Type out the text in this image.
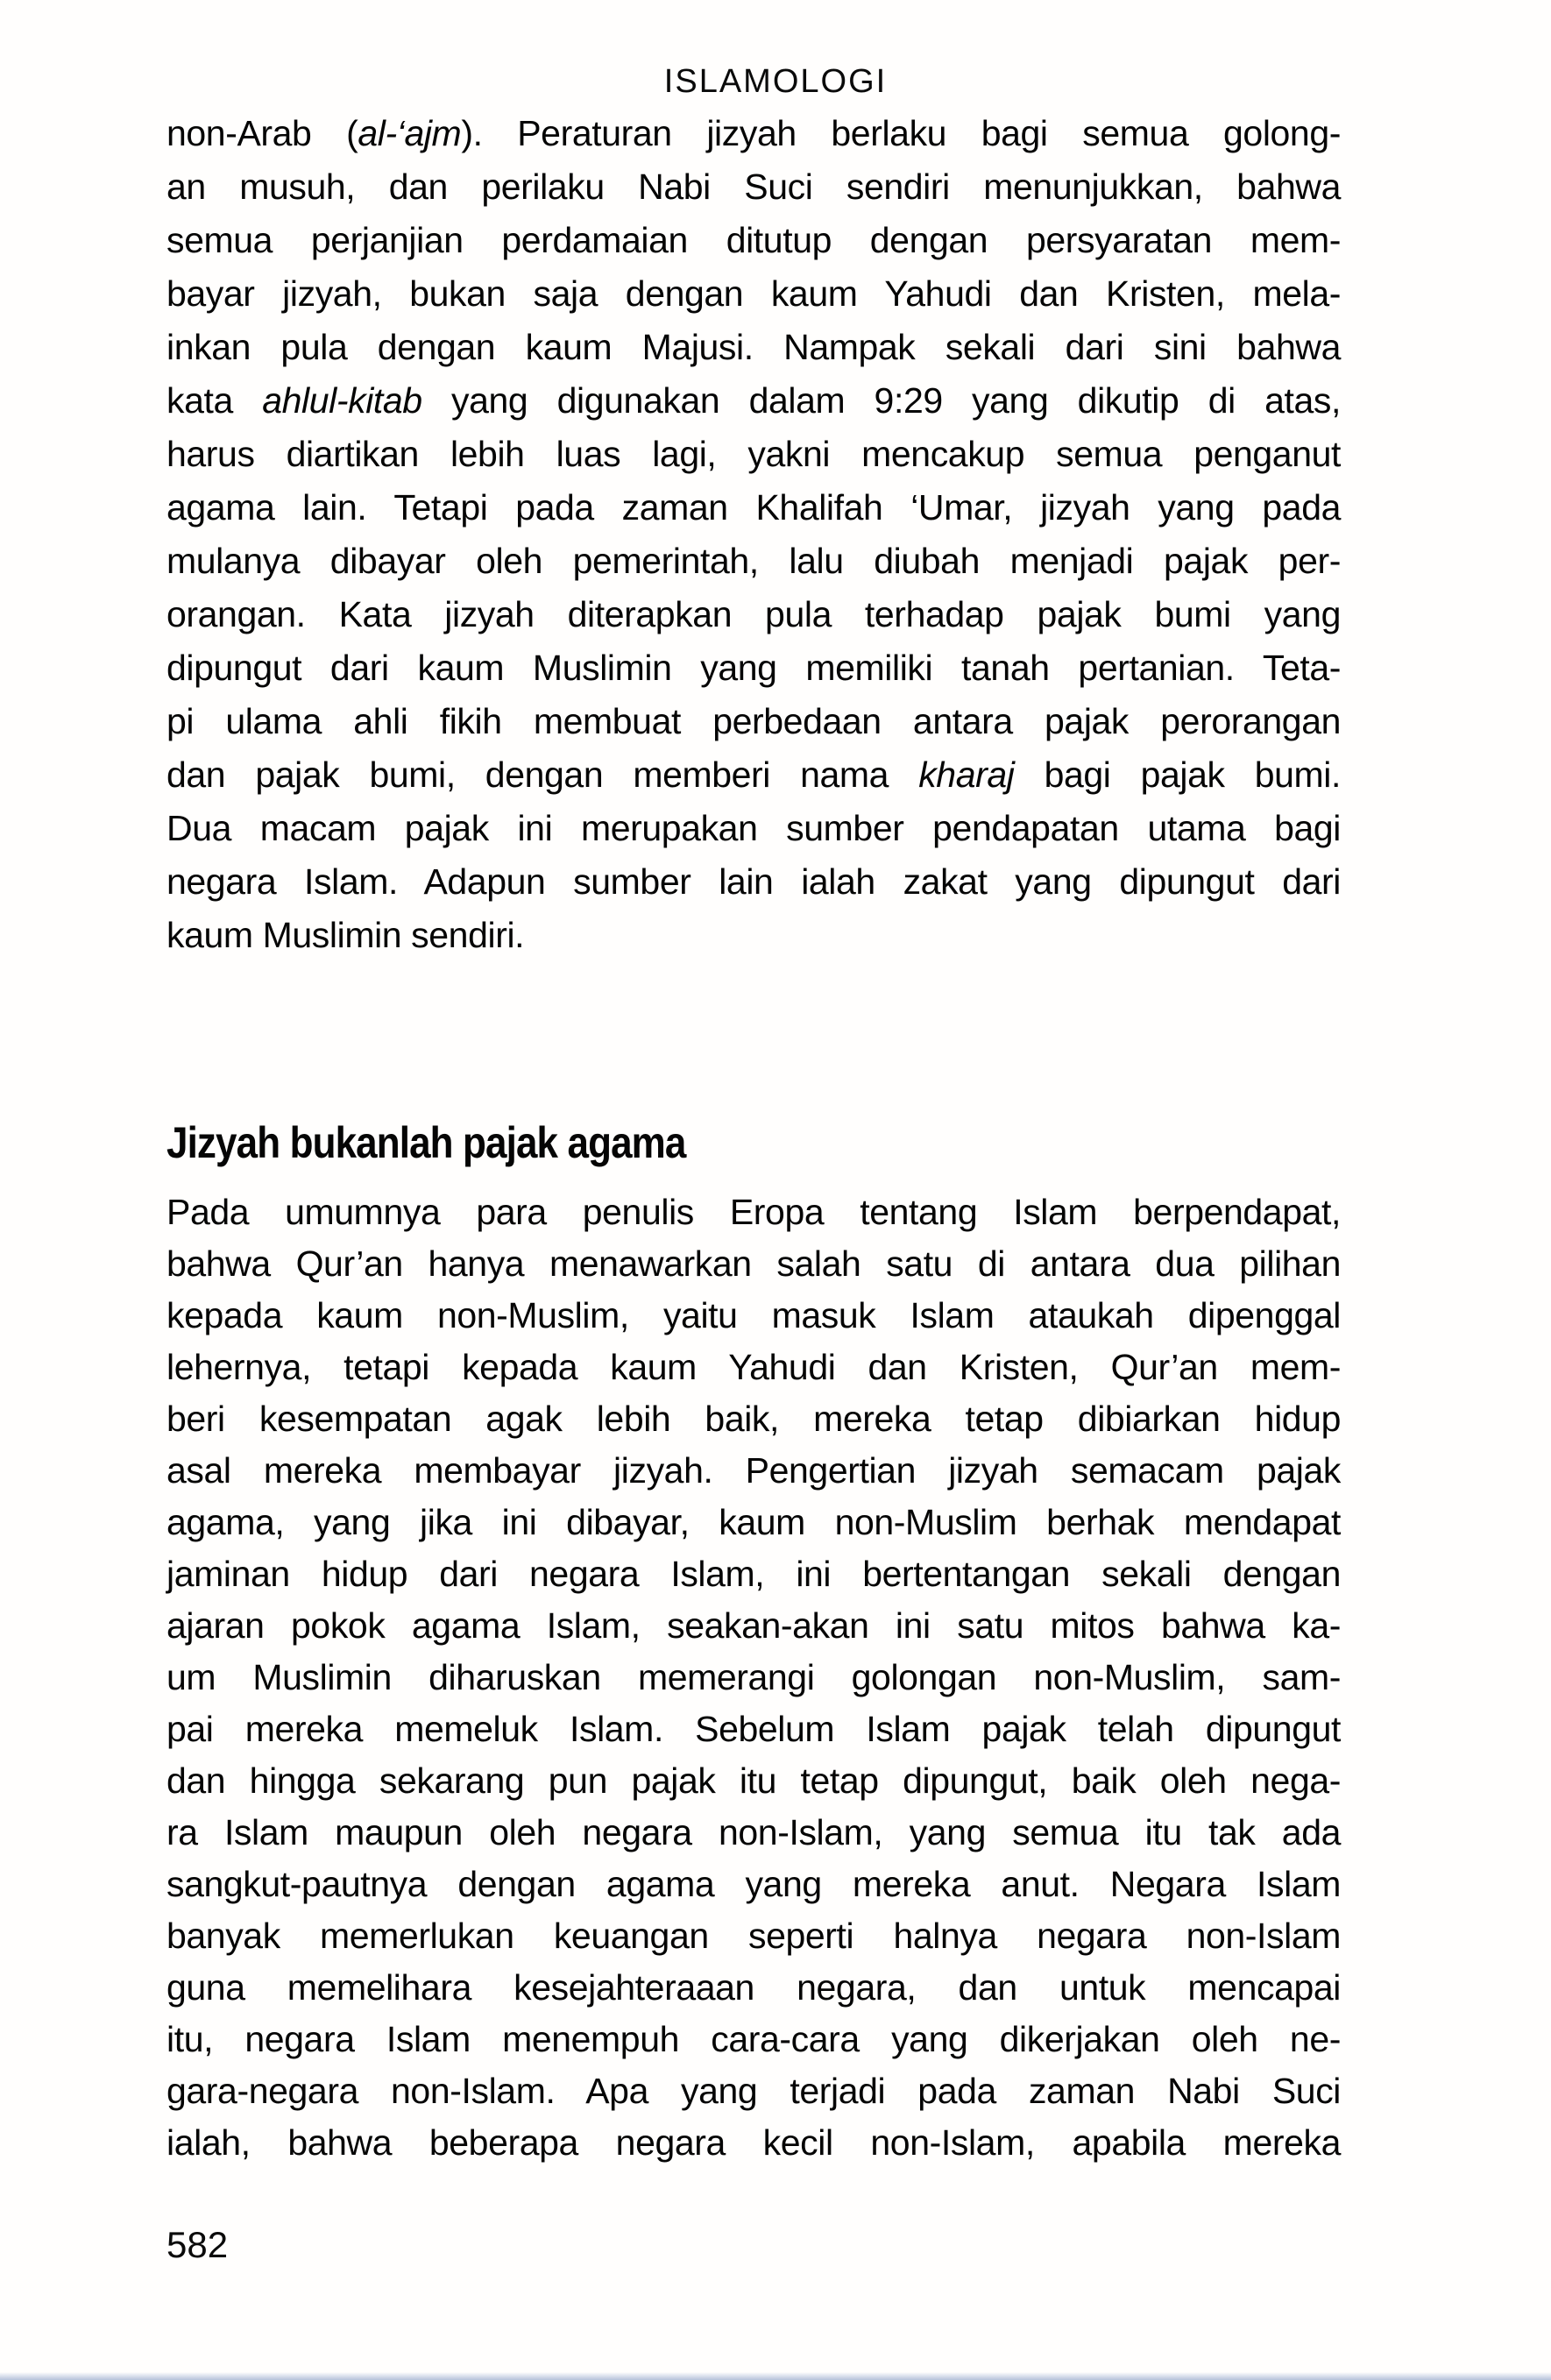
ISLAMOLOGI
non-Arab (al-‘ajm). Peraturan jizyah berlaku bagi semua golong-
an musuh, dan perilaku Nabi Suci sendiri menunjukkan, bahwa
semua perjanjian perdamaian ditutup dengan persyaratan mem-
bayar jizyah, bukan saja dengan kaum Yahudi dan Kristen, mela-
inkan pula dengan kaum Majusi. Nampak sekali dari sini bahwa
kata ahlul-kitab yang digunakan dalam 9:29 yang dikutip di atas,
harus diartikan lebih luas lagi, yakni mencakup semua penganut
agama lain. Tetapi pada zaman Khalifah ‘Umar, jizyah yang pada
mulanya dibayar oleh pemerintah, lalu diubah menjadi pajak per-
orangan. Kata jizyah diterapkan pula terhadap pajak bumi yang
dipungut dari kaum Muslimin yang memiliki tanah pertanian. Teta-
pi ulama ahli fikih membuat perbedaan antara pajak perorangan
dan pajak bumi, dengan memberi nama kharaj bagi pajak bumi.
Dua macam pajak ini merupakan sumber pendapatan utama bagi
negara Islam. Adapun sumber lain ialah zakat yang dipungut dari
kaum Muslimin sendiri.
Jizyah bukanlah pajak agama
Pada umumnya para penulis Eropa tentang Islam berpendapat,
bahwa Qur’an hanya menawarkan salah satu di antara dua pilihan
kepada kaum non-Muslim, yaitu masuk Islam ataukah dipenggal
lehernya, tetapi kepada kaum Yahudi dan Kristen, Qur’an mem-
beri kesempatan agak lebih baik, mereka tetap dibiarkan hidup
asal mereka membayar jizyah. Pengertian jizyah semacam pajak
agama, yang jika ini dibayar, kaum non-Muslim berhak mendapat
jaminan hidup dari negara Islam, ini bertentangan sekali dengan
ajaran pokok agama Islam, seakan-akan ini satu mitos bahwa ka-
um Muslimin diharuskan memerangi golongan non-Muslim, sam-
pai mereka memeluk Islam. Sebelum Islam pajak telah dipungut
dan hingga sekarang pun pajak itu tetap dipungut, baik oleh nega-
ra Islam maupun oleh negara non-Islam, yang semua itu tak ada
sangkut-pautnya dengan agama yang mereka anut. Negara Islam
banyak memerlukan keuangan seperti halnya negara non-Islam
guna memelihara kesejahteraaan negara, dan untuk mencapai
itu, negara Islam menempuh cara-cara yang dikerjakan oleh ne-
gara-negara non-Islam. Apa yang terjadi pada zaman Nabi Suci
ialah, bahwa beberapa negara kecil non-Islam, apabila mereka
582
